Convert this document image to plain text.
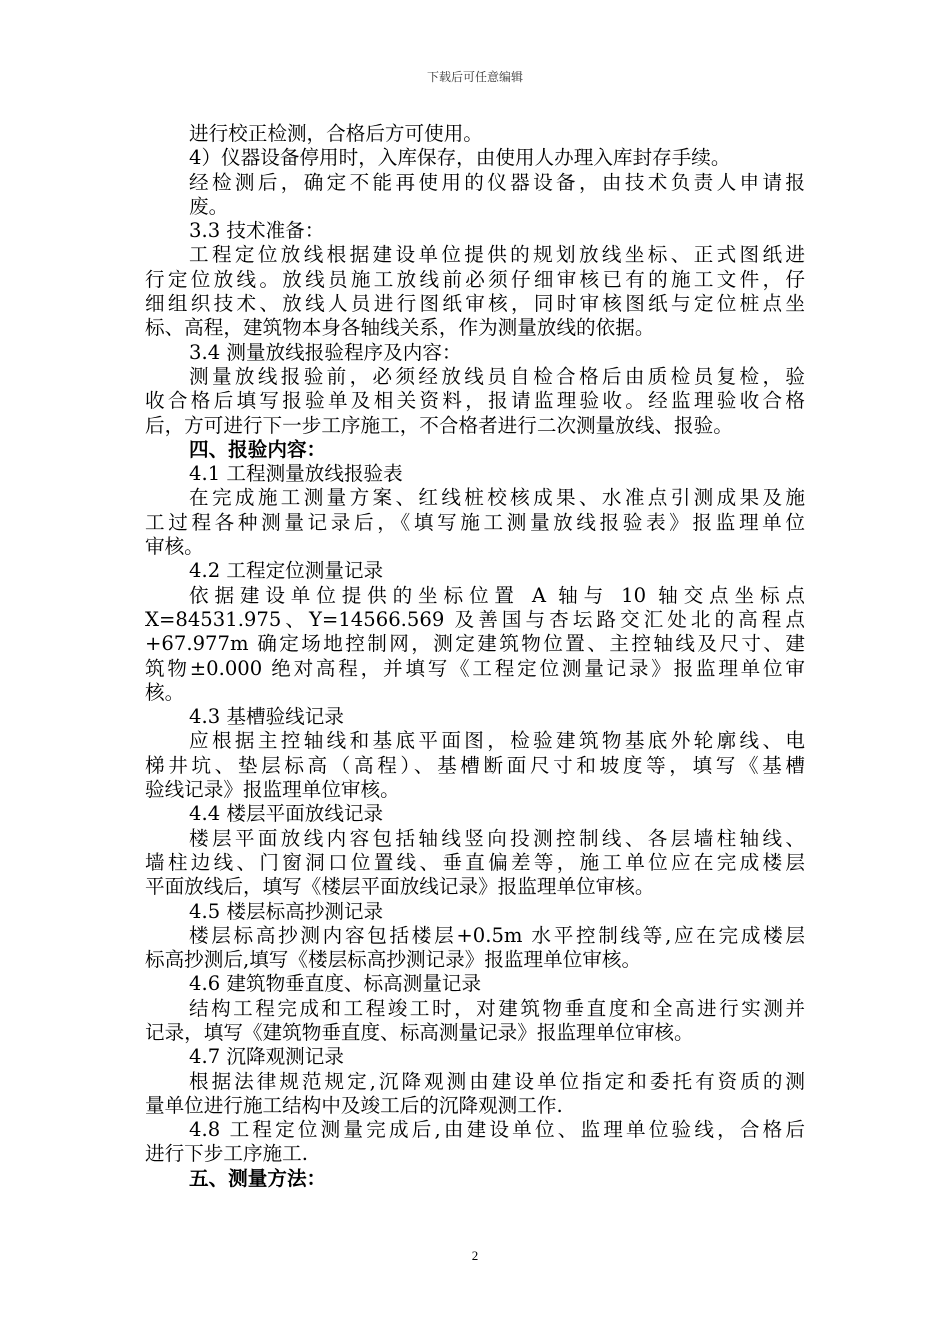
下载后可任意编辑
进行校正检测，合格后方可使用。
4）仪器设备停用时，入库保存，由使用人办理入库封存手续。
经检测后，确定不能再使用的仪器设备，由技术负责人申请报
废。
3.3 技术准备：
工程定位放线根据建设单位提供的规划放线坐标、正式图纸进
行定位放线。放线员施工放线前必须仔细审核已有的施工文件，仔
细组织技术、放线人员进行图纸审核，同时审核图纸与定位桩点坐
标、高程，建筑物本身各轴线关系，作为测量放线的依据。
3.4 测量放线报验程序及内容：
测量放线报验前，必须经放线员自检合格后由质检员复检，验
收合格后填写报验单及相关资料，报请监理验收。经监理验收合格
后，方可进行下一步工序施工，不合格者进行二次测量放线、报验。
四、报验内容：
4.1 工程测量放线报验表
在完成施工测量方案、红线桩校核成果、水准点引测成果及施
工过程各种测量记录后，《填写施工测量放线报验表》报监理单位
审核。
4.2 工程定位测量记录
依据建设单位提供的坐标位置 A 轴与 10 轴交点坐标点
X=84531.975、Y=14566.569 及善国与杏坛路交汇处北的高程点
+67.977m 确定场地控制网，测定建筑物位置、主控轴线及尺寸、建
筑物±0.000 绝对高程，并填写《工程定位测量记录》报监理单位审
核。
4.3 基槽验线记录
应根据主控轴线和基底平面图，检验建筑物基底外轮廓线、电
梯井坑、垫层标高（高程）、基槽断面尺寸和坡度等，填写《基槽
验线记录》报监理单位审核。
4.4 楼层平面放线记录
楼层平面放线内容包括轴线竖向投测控制线、各层墙柱轴线、
墙柱边线、门窗洞口位置线、垂直偏差等，施工单位应在完成楼层
平面放线后，填写《楼层平面放线记录》报监理单位审核。
4.5 楼层标高抄测记录
楼层标高抄测内容包括楼层+0.5m 水平控制线等,应在完成楼层
标高抄测后,填写《楼层标高抄测记录》报监理单位审核。
4.6 建筑物垂直度、标高测量记录
结构工程完成和工程竣工时，对建筑物垂直度和全高进行实测并
记录，填写《建筑物垂直度、标高测量记录》报监理单位审核。
4.7 沉降观测记录
根据法律规范规定,沉降观测由建设单位指定和委托有资质的测
量单位进行施工结构中及竣工后的沉降观测工作.
4.8 工程定位测量完成后,由建设单位、监理单位验线，合格后
进行下步工序施工.
五、测量方法：
2
